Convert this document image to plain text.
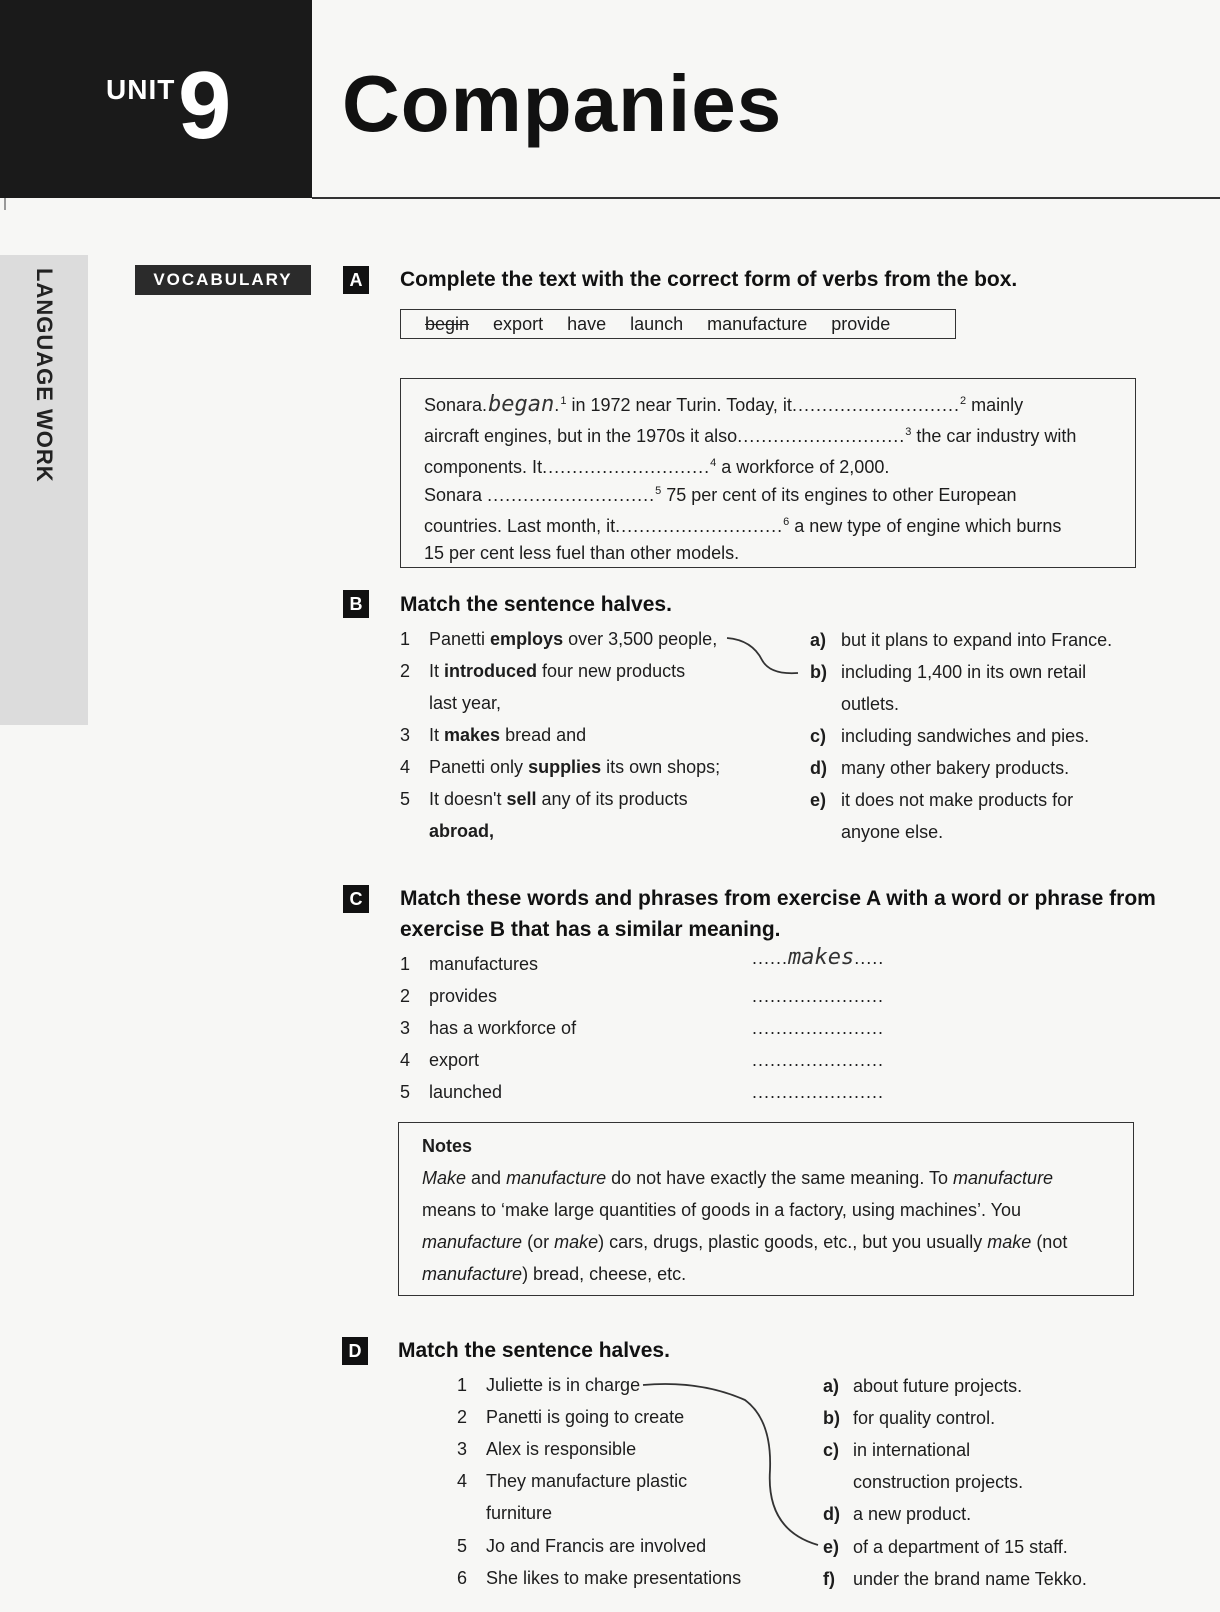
UNIT 9 Companies
LANGUAGE WORK	VOCABULARY	A	Complete the text with the correct form of verbs from the box.
begin export have launch manufacture provide
Sonara.began.$^1$ in 1972 near Turin. Today, it............................$^2$ mainly
aircraft engines, but in the 1970s it also............................$^3$ the car industry with
components. It............................$^4$ a workforce of 2,000.
Sonara ............................$^5$ 75 per cent of its engines to other European
countries. Last month, it............................$^6$ a new type of engine which burns
15 per cent less fuel than other models.
B	Match the sentence halves.
1 Panetti employs over 3,500 people,
2 It introduced four new products
last year,
3 It makes bread and
4 Panetti only supplies its own shops;
5 It doesn't sell any of its products
abroad,
a) but it plans to expand into France.
b) including 1,400 in its own retail
outlets.
c) including sandwiches and pies.
d) many other bakery products.
e) it does not make products for
anyone else.
C	Match these words and phrases from exercise A with a word or phrase from
exercise B that has a similar meaning.
1 manufactures	......makes.....
2 provides	......................
3 has a workforce of	......................
4 export	......................
5 launched	......................
Notes
Make and manufacture do not have exactly the same meaning. To manufacture
means to ‘make large quantities of goods in a factory, using machines’. You
manufacture (or make) cars, drugs, plastic goods, etc., but you usually make (not
manufacture) bread, cheese, etc.
D	Match the sentence halves.
1 Juliette is in charge
2 Panetti is going to create
3 Alex is responsible
4 They manufacture plastic
furniture
5 Jo and Francis are involved
6 She likes to make presentations
a) about future projects.
b) for quality control.
c) in international
construction projects.
d) a new product.
e) of a department of 15 staff.
f) under the brand name Tekko.
